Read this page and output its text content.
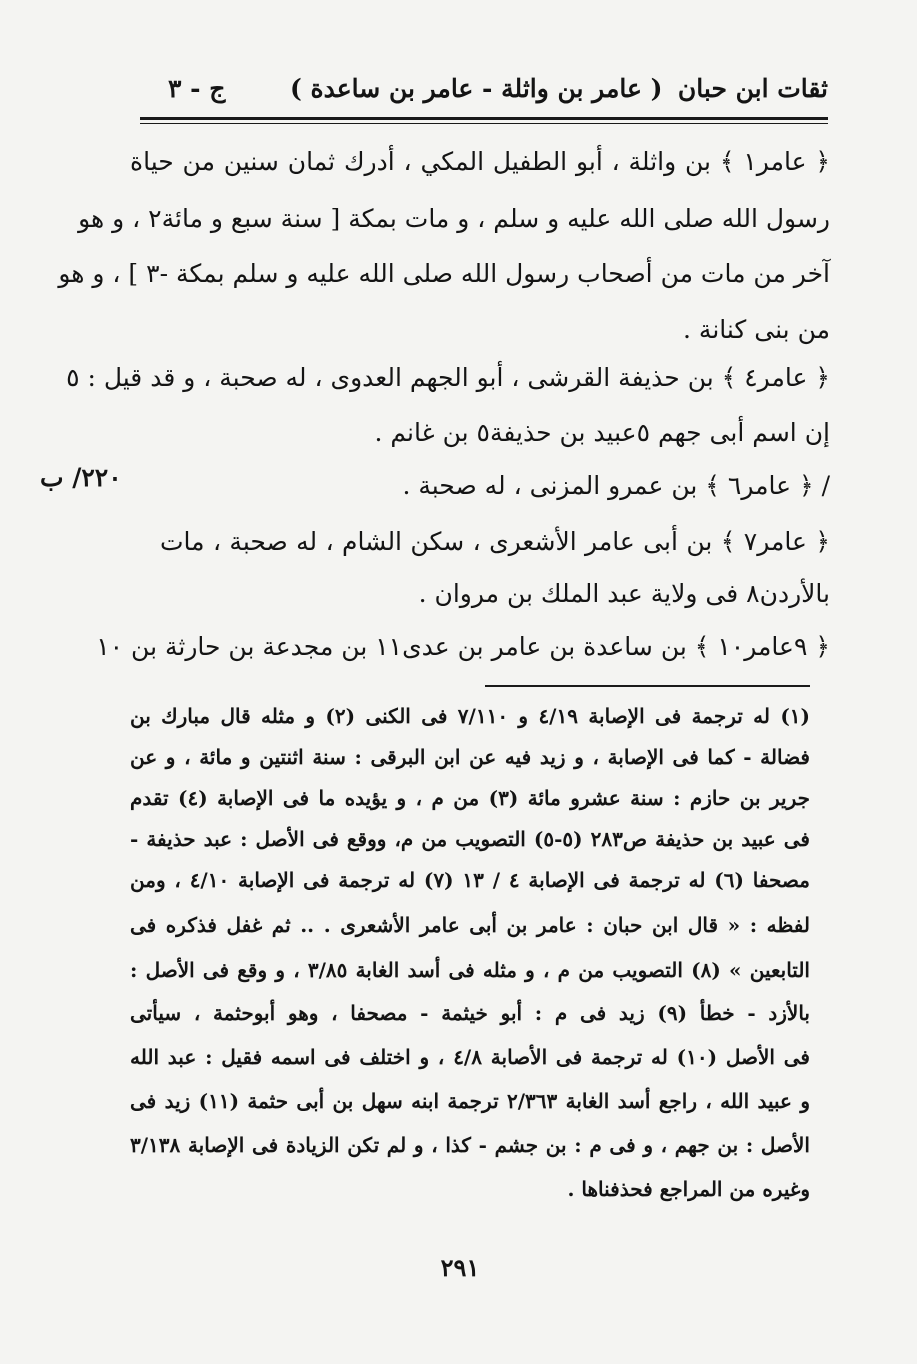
ثقات ابن حبان
( عامر بن واثلة - عامر بن ساعدة )
ج - ٣
٢٢٠/ ب
﴿ عامر١ ﴾ بن واثلة ، أبو الطفيل المكي ، أدرك ثمان سنين من حياة
رسول الله صلى الله عليه و سلم ، و مات بمكة [ سنة سبع و مائة٢ ، و هو
آخر من مات من أصحاب رسول الله صلى الله عليه و سلم بمكة -٣ ] ، و هو
من بنى كنانة .
﴿ عامر٤ ﴾ بن حذيفة القرشى ، أبو الجهم العدوى ، له صحبة ، و قد قيل : ٥
إن اسم أبى جهم ٥عبيد بن حذيفة٥ بن غانم .
/ ﴿ عامر٦ ﴾ بن عمرو المزنى ، له صحبة .
﴿ عامر٧ ﴾ بن أبى عامر الأشعرى ، سكن الشام ، له صحبة ، مات
بالأردن٨ فى ولاية عبد الملك بن مروان .
﴿ ٩عامر١٠ ﴾ بن ساعدة بن عامر بن عدى١١ بن مجدعة بن حارثة بن ١٠
(١) له ترجمة فى الإصابة ٤/١٩ و ٧/١١٠ فى الكنى (٢) و مثله قال مبارك بن
فضالة - كما فى الإصابة ، و زيد فيه عن ابن البرقى : سنة اثنتين و مائة ، و عن
جرير بن حازم : سنة عشرو مائة (٣) من م ، و يؤيده ما فى الإصابة (٤) تقدم
فى عبيد بن حذيفة ص٢٨٣ (٥-٥) التصويب من م، ووقع فى الأصل : عبد حذيفة -
مصحفا (٦) له ترجمة فى الإصابة ٤ / ١٣ (٧) له ترجمة فى الإصابة ٤/١٠ ، ومن
لفظه : « قال ابن حبان : عامر بن أبى عامر الأشعرى . .. ثم غفل فذكره فى
التابعين » (٨) التصويب من م ، و مثله فى أسد الغابة ٣/٨٥ ، و وقع فى الأصل :
بالأزد - خطأ (٩) زيد فى م : أبو خيثمة - مصحفا ، وهو أبوحثمة ، سيأتى
فى الأصل (١٠) له ترجمة فى الأصابة ٤/٨ ، و اختلف فى اسمه فقيل : عبد الله
و عبيد الله ، راجع أسد الغابة ٢/٣٦٣ ترجمة ابنه سهل بن أبى حثمة (١١) زيد فى
الأصل : بن جهم ، و فى م : بن جشم - كذا ، و لم تكن الزيادة فى الإصابة ٣/١٣٨
وغيره من المراجع فحذفناها .
٢٩١
